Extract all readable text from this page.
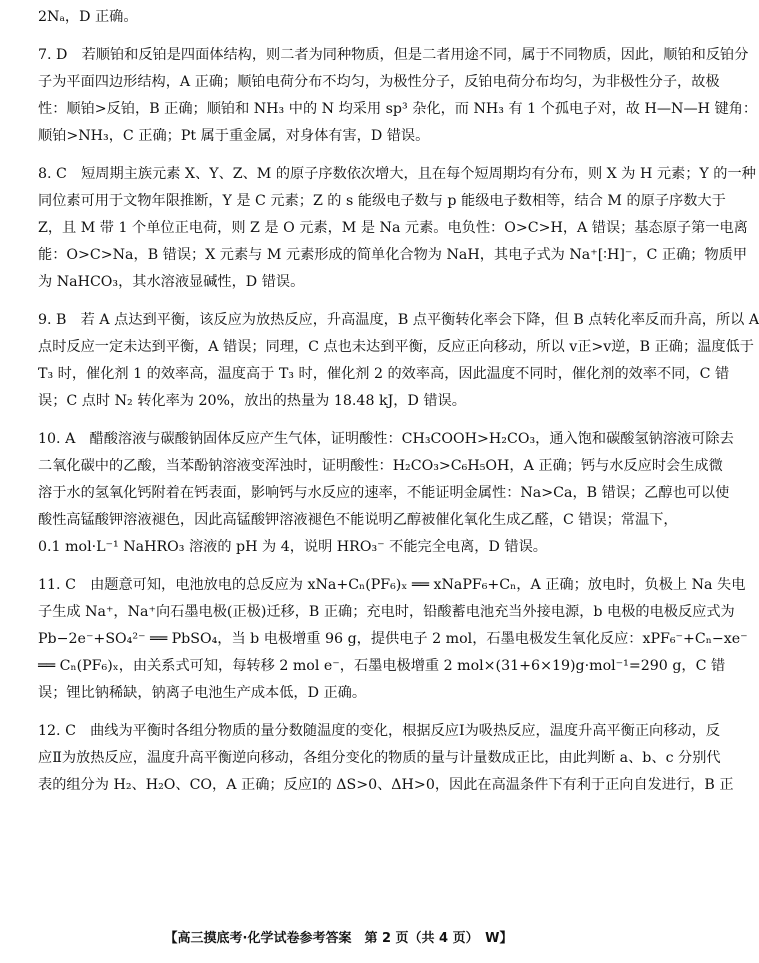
2Nₐ，D 正确。
7. D　若顺铂和反铂是四面体结构，则二者为同种物质，但是二者用途不同，属于不同物质，因此，顺铂和反铂分
子为平面四边形结构，A 正确；顺铂电荷分布不均匀，为极性分子，反铂电荷分布均匀，为非极性分子，故极
性：顺铂>反铂，B 正确；顺铂和 NH₃ 中的 N 均采用 sp³ 杂化，而 NH₃ 有 1 个孤电子对，故 H—N—H 键角：
顺铂>NH₃，C 正确；Pt 属于重金属，对身体有害，D 错误。
8. C　短周期主族元素 X、Y、Z、M 的原子序数依次增大，且在每个短周期均有分布，则 X 为 H 元素；Y 的一种
同位素可用于文物年限推断，Y 是 C 元素；Z 的 s 能级电子数与 p 能级电子数相等，结合 M 的原子序数大于
Z，且 M 带 1 个单位正电荷，则 Z 是 O 元素，M 是 Na 元素。电负性：O>C>H，A 错误；基态原子第一电离
能：O>C>Na，B 错误；X 元素与 M 元素形成的简单化合物为 NaH，其电子式为 Na⁺[∶H]⁻，C 正确；物质甲
为 NaHCO₃，其水溶液显碱性，D 错误。
9. B　若 A 点达到平衡，该反应为放热反应，升高温度，B 点平衡转化率会下降，但 B 点转化率反而升高，所以 A
点时反应一定未达到平衡，A 错误；同理，C 点也未达到平衡，反应正向移动，所以 v正>v逆，B 正确；温度低于
T₃ 时，催化剂 1 的效率高，温度高于 T₃ 时，催化剂 2 的效率高，因此温度不同时，催化剂的效率不同，C 错
误；C 点时 N₂ 转化率为 20%，放出的热量为 18.48 kJ，D 错误。
10. A　醋酸溶液与碳酸钠固体反应产生气体，证明酸性：CH₃COOH>H₂CO₃，通入饱和碳酸氢钠溶液可除去
二氧化碳中的乙酸，当苯酚钠溶液变浑浊时，证明酸性：H₂CO₃>C₆H₅OH，A 正确；钙与水反应时会生成微
溶于水的氢氧化钙附着在钙表面，影响钙与水反应的速率，不能证明金属性：Na>Ca，B 错误；乙醇也可以使
酸性高锰酸钾溶液褪色，因此高锰酸钾溶液褪色不能说明乙醇被催化氧化生成乙醛，C 错误；常温下，
0.1 mol·L⁻¹ NaHRO₃ 溶液的 pH 为 4，说明 HRO₃⁻ 不能完全电离，D 错误。
11. C　由题意可知，电池放电的总反应为 xNa+Cₙ(PF₆)ₓ ══ xNaPF₆+Cₙ，A 正确；放电时，负极上 Na 失电
子生成 Na⁺，Na⁺向石墨电极(正极)迁移，B 正确；充电时，铅酸蓄电池充当外接电源，b 电极的电极反应式为
Pb−2e⁻+SO₄²⁻ ══ PbSO₄，当 b 电极增重 96 g，提供电子 2 mol，石墨电极发生氧化反应：xPF₆⁻+Cₙ−xe⁻
══ Cₙ(PF₆)ₓ，由关系式可知，每转移 2 mol e⁻，石墨电极增重 2 mol×(31+6×19)g·mol⁻¹=290 g，C 错
误；锂比钠稀缺，钠离子电池生产成本低，D 正确。
12. C　曲线为平衡时各组分物质的量分数随温度的变化，根据反应Ⅰ为吸热反应，温度升高平衡正向移动，反
应Ⅱ为放热反应，温度升高平衡逆向移动，各组分变化的物质的量与计量数成正比，由此判断 a、b、c 分别代
表的组分为 H₂、H₂O、CO，A 正确；反应Ⅰ的 ΔS>0、ΔH>0，因此在高温条件下有利于正向自发进行，B 正
【高三摸底考·化学试卷参考答案　第 2 页（共 4 页）　W】
